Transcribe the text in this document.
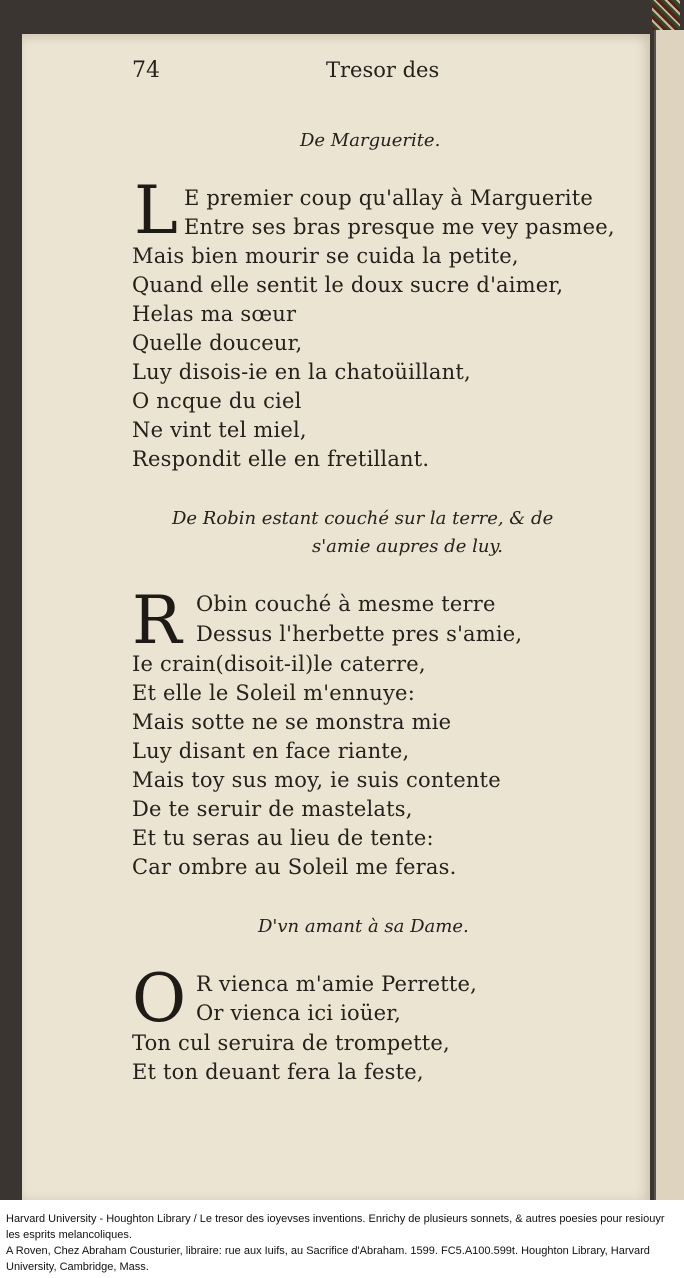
74	Tresor des

De Marguerite.

L E premier coup qu'allay à Marguerite

Entre ses bras presque me vey pasmee,

Mais bien mourir se cuida la petite,

Quand elle sentit le doux sucre d'aimer,

Helas ma sœur

Quelle douceur,

Luy disois-ie en la chatoüillant,

O ncque du ciel

Ne vint tel miel,

Respondit elle en fretillant.

De Robin estant couché sur la terre, & de

s'amie aupres de luy.

R Obin couché à mesme terre

Dessus l'herbette pres s'amie,

Ie crain(disoit-il)le caterre,

Et elle le Soleil m'ennuye:

Mais sotte ne se monstra mie

Luy disant en face riante,

Mais toy sus moy, ie suis contente

De te seruir de mastelats,

Et tu seras au lieu de tente:

Car ombre au Soleil me feras.

D'vn amant à sa Dame.

O R vienca m'amie Perrette,

Or vienca ici ioüer,

Ton cul seruira de trompette,

Et ton deuant fera la feste,

Harvard University - Houghton Library / Le tresor des ioyevses inventions. Enrichy de plusieurs sonnets, & autres poesies pour resiouyr les esprits melancoliques.
A Roven, Chez Abraham Cousturier, libraire: rue aux Iuifs, au Sacrifice d'Abraham. 1599. FC5.A100.599t. Houghton Library, Harvard University, Cambridge, Mass.
